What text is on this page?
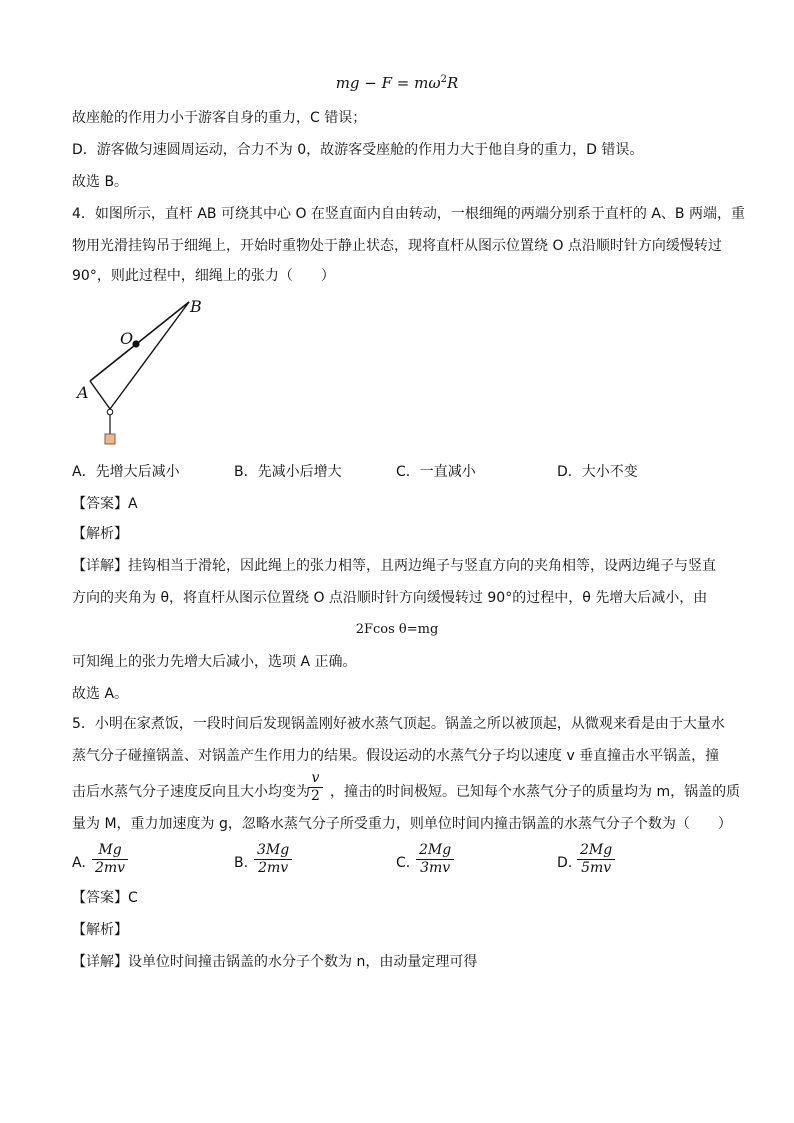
mg − $F = m\omega^2R$
故座舱的作用力小于游客自身的重力，C 错误；
D．游客做匀速圆周运动，合力不为 0，故游客受座舱的作用力大于他自身的重力，D 错误。
故选 B。
4．如图所示，直杆 AB 可绕其中心 O 在竖直面内自由转动，一根细绳的两端分别系于直杆的 A、B 两端，重
物用光滑挂钩吊于细绳上，开始时重物处于静止状态，现将直杆从图示位置绕 O 点沿顺时针方向缓慢转过
90°，则此过程中，细绳上的张力（　　）
B
O
A
A．先增大后减小	B．先减小后增大	C．一直减小	D．大小不变
【答案】A
【解析】
【详解】挂钩相当于滑轮，因此绳上的张力相等，且两边绳子与竖直方向的夹角相等，设两边绳子与竖直
方向的夹角为 θ，将直杆从图示位置绕 O 点沿顺时针方向缓慢转过 90°的过程中，θ 先增大后减小，由
2Fcos θ=mg
可知绳上的张力先增大后减小，选项 A 正确。
故选 A。
5．小明在家煮饭，一段时间后发现锅盖刚好被水蒸气顶起。锅盖之所以被顶起，从微观来看是由于大量水
蒸气分子碰撞锅盖、对锅盖产生作用力的结果。假设运动的水蒸气分子均以速度 v 垂直撞击水平锅盖，撞
击后水蒸气分子速度反向且大小均变为
$\frac{v}{2}$ ，撞击的时间极短。已知每个水蒸气分子的质量均为 m，锅盖的质
量为 M，重力加速度为 g，忽略水蒸气分子所受重力，则单位时间内撞击锅盖的水蒸气分子个数为（　　）
A. $\frac{Mg}{2mv}$	B. $\frac{3Mg}{2mv}$	C. $\frac{2Mg}{3mv}$	D. $\frac{2Mg}{5mv}$
【答案】C
【解析】
【详解】设单位时间撞击锅盖的水分子个数为 n，由动量定理可得
